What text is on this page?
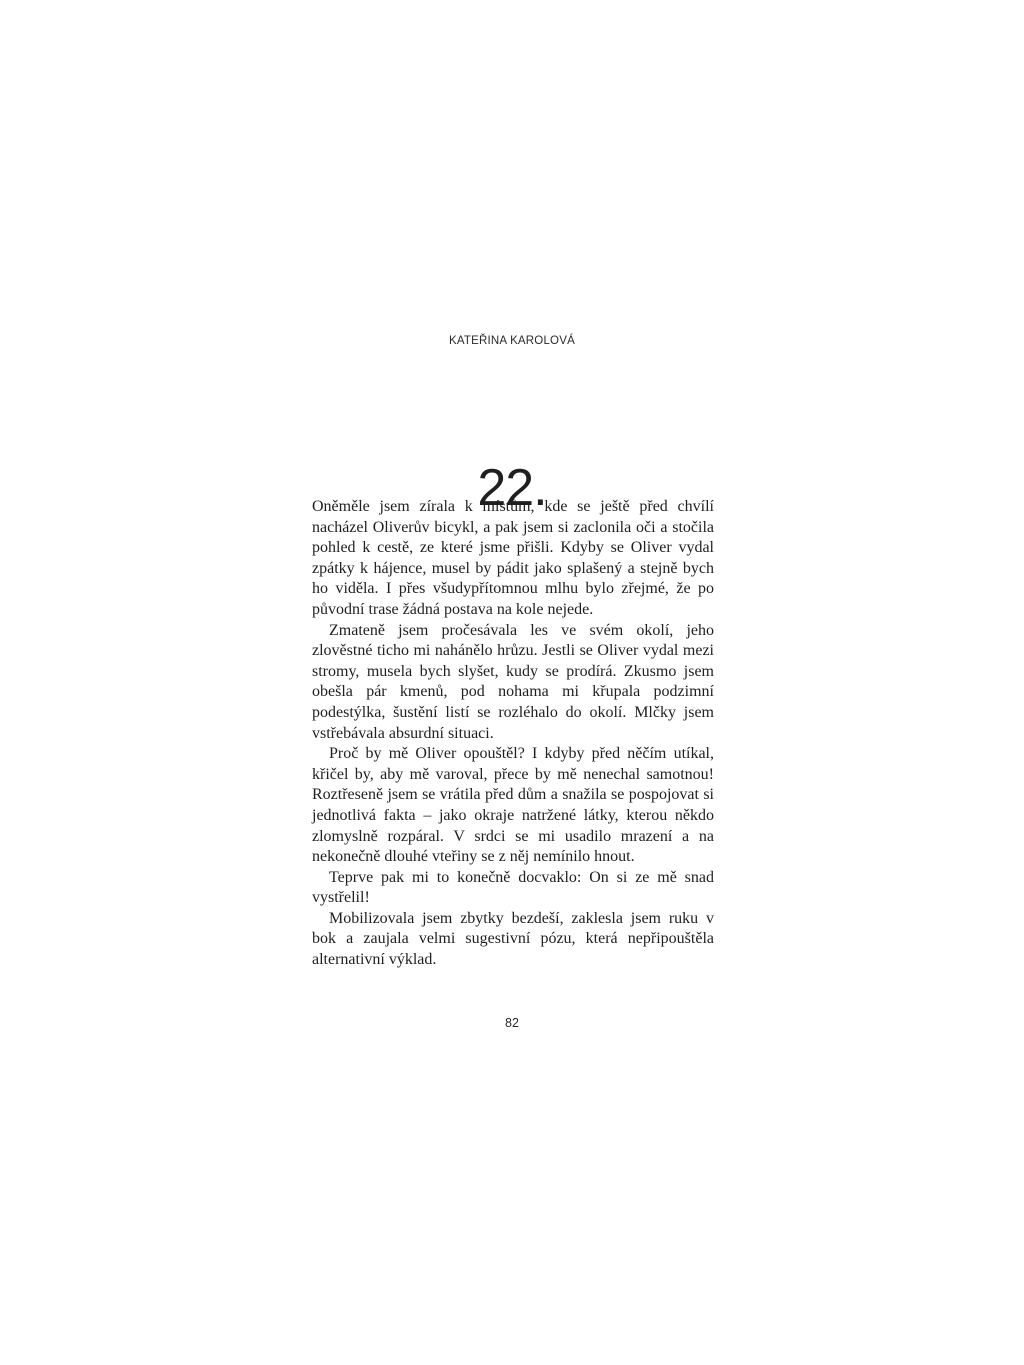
KATEŘINA KAROLOVÁ
22.

Oněměle jsem zírala k místům, kde se ještě před chvílí nacházel Oliverův bicykl, a pak jsem si zaclonila oči a stočila pohled k cestě, ze které jsme přišli. Kdyby se Oliver vydal zpátky k hájence, musel by pádit jako splašený a stejně bych ho viděla. I přes všudypřítomnou mlhu bylo zřejmé, že po původní trase žádná postava na kole nejede.

Zmateně jsem pročesávala les ve svém okolí, jeho zlověstné ticho mi nahánělo hrůzu. Jestli se Oliver vydal mezi stromy, musela bych slyšet, kudy se prodírá. Zkusmo jsem obešla pár kmenů, pod nohama mi křupala podzimní podestýlka, šustění listí se rozléhalo do okolí. Mlčky jsem vstřebávala absurdní situaci.

Proč by mě Oliver opouštěl? I kdyby před něčím utíkal, křičel by, aby mě varoval, přece by mě nenechal samotnou! Roztřeseně jsem se vrátila před dům a snažila se pospojovat si jednotlivá fakta – jako okraje natržené látky, kterou někdo zlomyslně rozpáral. V srdci se mi usadilo mrazení a na nekonečně dlouhé vteřiny se z něj nemínilo hnout.

Teprve pak mi to konečně docvaklo: On si ze mě snad vystřelil!

Mobilizovala jsem zbytky bezdeší, zaklesla jsem ruku v bok a zaujala velmi sugestivní pózu, která nepřipouštěla alternativní výklad.

82
